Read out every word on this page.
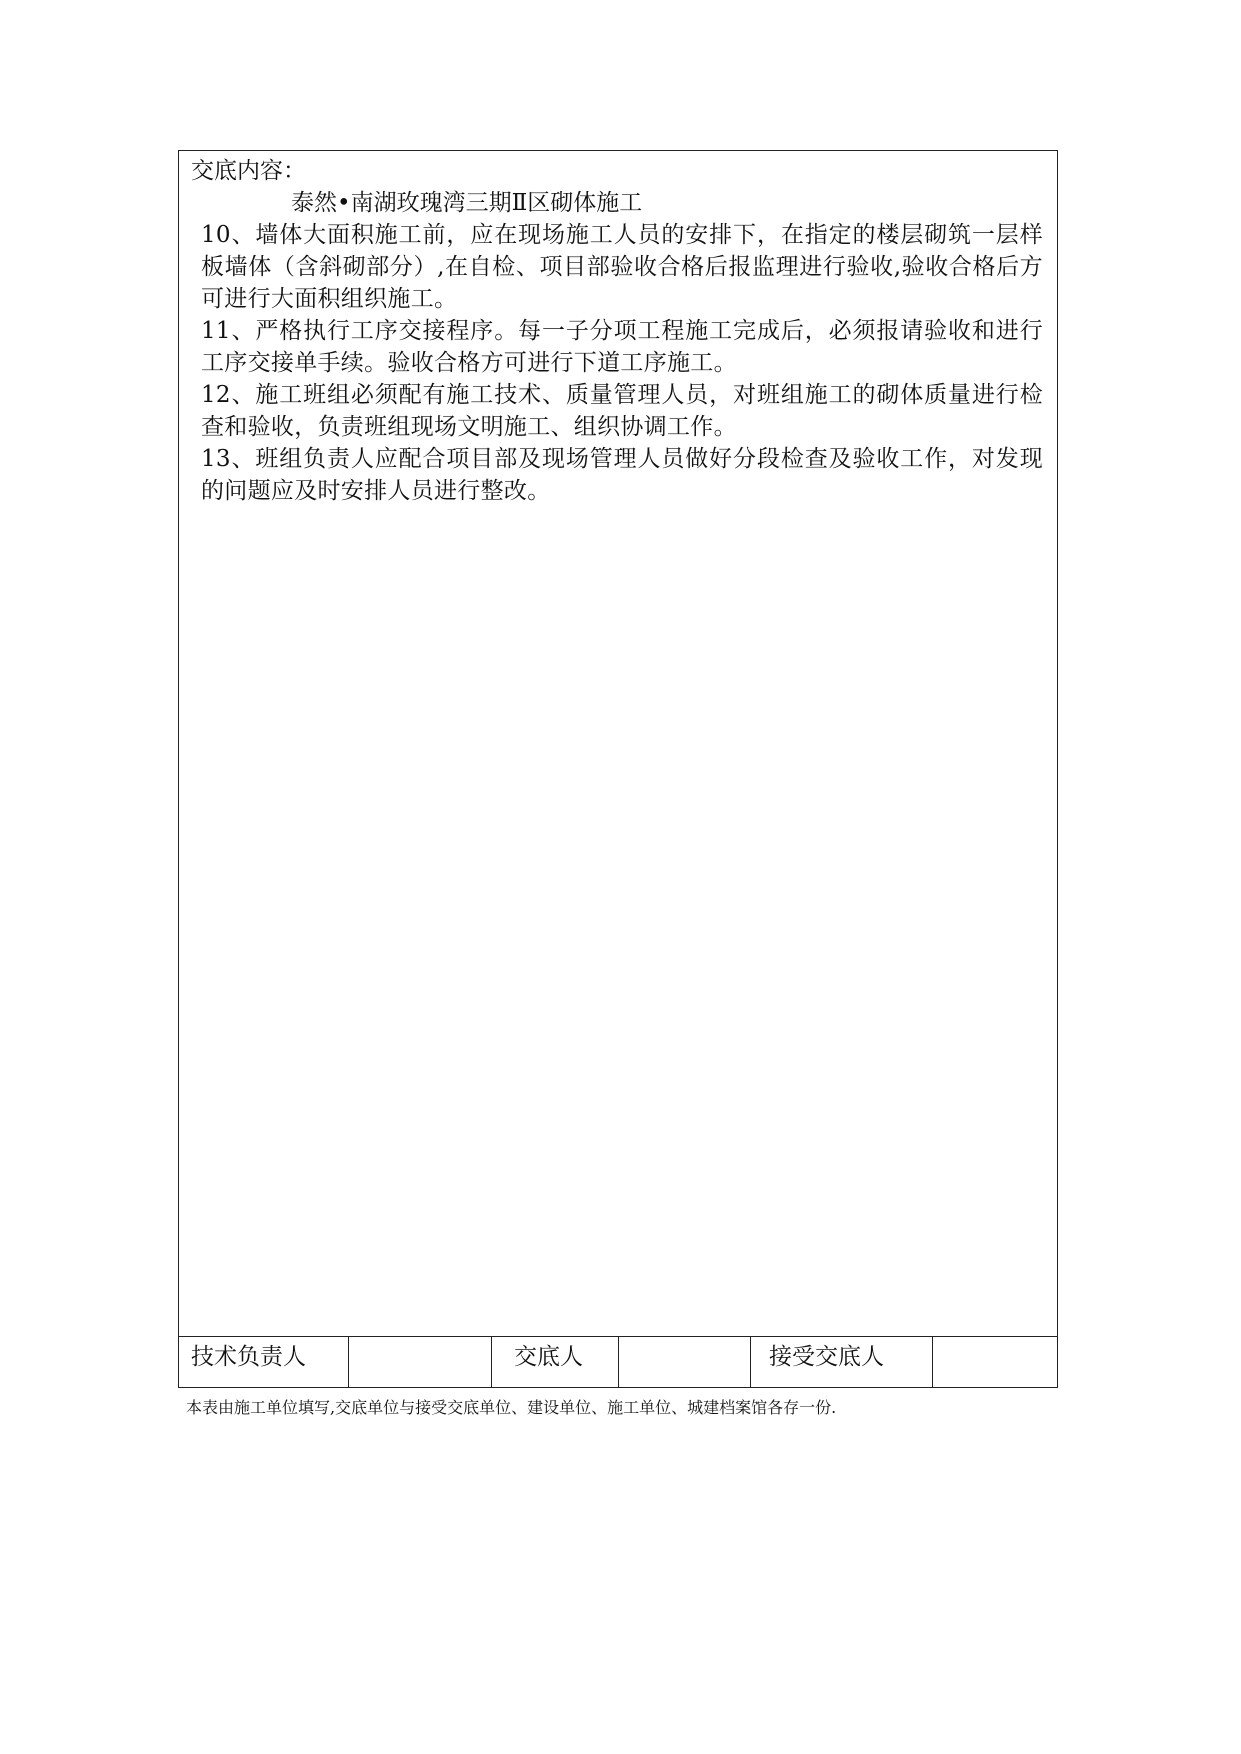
交底内容：
泰然•南湖玫瑰湾三期Ⅱ区砌体施工

10、墙体大面积施工前，应在现场施工人员的安排下，在指定的楼层砌筑一层样板墙体（含斜砌部分）,在自检、项目部验收合格后报监理进行验收,验收合格后方可进行大面积组织施工。

11、严格执行工序交接程序。每一子分项工程施工完成后，必须报请验收和进行工序交接单手续。验收合格方可进行下道工序施工。

12、施工班组必须配有施工技术、质量管理人员，对班组施工的砌体质量进行检查和验收，负责班组现场文明施工、组织协调工作。

13、班组负责人应配合项目部及现场管理人员做好分段检查及验收工作，对发现的问题应及时安排人员进行整改。

技术负责人	交底人	接受交底人
本表由施工单位填写,交底单位与接受交底单位、建设单位、施工单位、城建档案馆各存一份.
